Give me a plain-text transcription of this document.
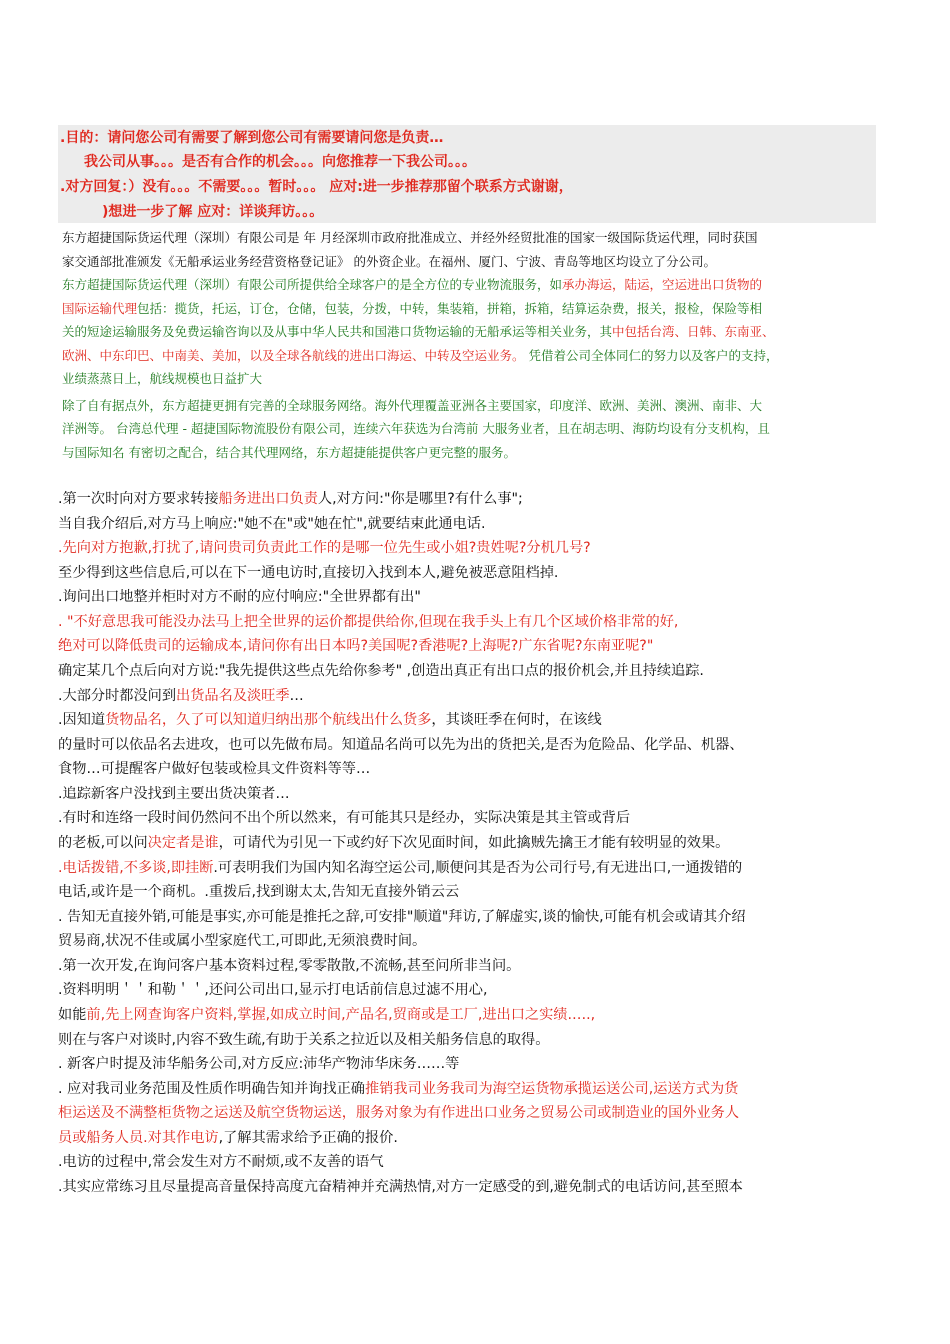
.目的：请问您公司有需要了解到您公司有需要请问您是负责…
我公司从事。。。是否有合作的机会。。。向您推荐一下我公司。。。
.对方回复：）没有。。。不需要。。。暂时。。。 应对:进一步推荐那留个联系方式谢谢，
)想进一步了解 应对：详谈拜访。。。
东方超捷国际货运代理（深圳）有限公司是 年 月经深圳市政府批准成立、并经外经贸批准的国家一级国际货运代理，同时获国
家交通部批准颁发《无船承运业务经营资格登记证》 的外资企业。在福州、厦门、宁波、青岛等地区均设立了分公司。
东方超捷国际货运代理（深圳）有限公司所提供给全球客户的是全方位的专业物流服务，如承办海运，陆运，空运进出口货物的
国际运输代理包括：揽货，托运，订仓，仓储，包装，分拨，中转，集装箱，拼箱，拆箱，结算运杂费，报关，报检，保险等相
关的短途运输服务及免费运输咨询以及从事中华人民共和国港口货物运输的无船承运等相关业务，其中包括台湾、日韩、东南亚、
欧洲、中东印巴、中南美、美加，以及全球各航线的进出口海运、中转及空运业务。 凭借着公司全体同仁的努力以及客户的支持，
业绩蒸蒸日上，航线规模也日益扩大
除了自有据点外，东方超捷更拥有完善的全球服务网络。海外代理覆盖亚洲各主要国家，印度洋、欧洲、美洲、澳洲、南非、大
洋洲等。 台湾总代理 - 超捷国际物流股份有限公司，连续六年获选为台湾前 大服务业者，且在胡志明、海防均设有分支机构，且
与国际知名 有密切之配合，结合其代理网络，东方超捷能提供客户更完整的服务。
.第一次时向对方要求转接船务进出口负责人,对方问:"你是哪里?有什么事";
当自我介绍后,对方马上响应:"她不在"或"她在忙",就要结束此通电话.
.先向对方抱歉,打扰了,请问贵司负责此工作的是哪一位先生或小姐?贵姓呢?分机几号?
至少得到这些信息后,可以在下一通电访时,直接切入找到本人,避免被恶意阻档掉.
.询问出口地整并柜时对方不耐的应付响应:"全世界都有出"
. "不好意思我可能没办法马上把全世界的运价都提供给你,但现在我手头上有几个区域价格非常的好,
绝对可以降低贵司的运输成本,请问你有出日本吗?美国呢?香港呢?上海呢?广东省呢?东南亚呢?"
确定某几个点后向对方说:"我先提供这些点先给你参考" ,创造出真正有出口点的报价机会,并且持续追踪.
.大部分时都没问到出货品名及淡旺季…
.因知道货物品名，久了可以知道归纳出那个航线出什么货多，其谈旺季在何时，在该线
的量时可以依品名去进攻，也可以先做布局。知道品名尚可以先为出的货把关,是否为危险品、化学品、机器、
食物…可提醒客户做好包装或检具文件资料等等…
.追踪新客户没找到主要出货决策者…
.有时和连络一段时间仍然问不出个所以然来，有可能其只是经办，实际决策是其主管或背后
的老板,可以问决定者是谁，可请代为引见一下或约好下次见面时间，如此擒贼先擒王才能有较明显的效果。
.电话拨错,不多谈,即挂断.可表明我们为国内知名海空运公司,顺便问其是否为公司行号,有无进出口,一通拨错的
电话,或许是一个商机。.重拨后,找到谢太太,告知无直接外销云云
. 告知无直接外销,可能是事实,亦可能是推托之辞,可安排"顺道"拜访,了解虚实,谈的愉快,可能有机会或请其介绍
贸易商,状况不佳或属小型家庭代工,可即此,无须浪费时间。
.第一次开发,在询问客户基本资料过程,零零散散,不流畅,甚至问所非当问。
.资料明明＇＇和勒＇＇,还问公司出口,显示打电话前信息过滤不用心,
如能前,先上网查询客户资料,掌握,如成立时间,产品名,贸商或是工厂,进出口之实绩.….,
则在与客户对谈时,内容不致生疏,有助于关系之拉近以及相关船务信息的取得。
. 新客户时提及沛华船务公司,对方反应:沛华产物沛华床务……等
. 应对我司业务范围及性质作明确告知并询找正确推销我司业务我司为海空运货物承揽运送公司,运送方式为货
柜运送及不满整柜货物之运送及航空货物运送，服务对象为有作进出口业务之贸易公司或制造业的国外业务人
员或船务人员.对其作电访,了解其需求给予正确的报价.
.电访的过程中,常会发生对方不耐烦,或不友善的语气
.其实应常练习且尽量提高音量保持高度亢奋精神并充满热情,对方一定感受的到,避免制式的电话访问,甚至照本
